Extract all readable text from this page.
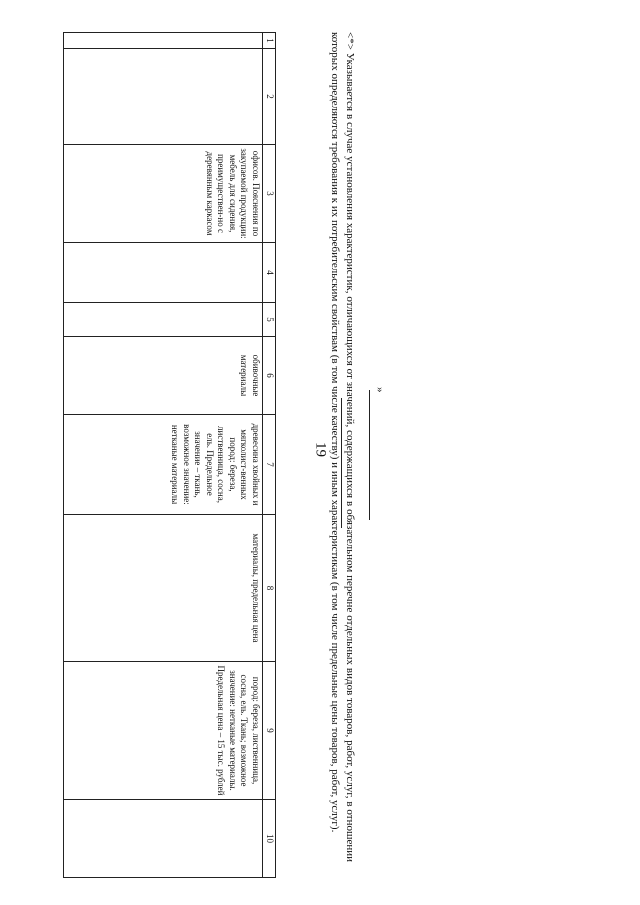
19
1	2	3	4	5	6	7	8	9	10
		офисов. Пояснения по закупаемой продукции: мебель для сидения, преимуществен-но с деревянным каркасом			обивочные материалы	древесина хвойных и мягколист-венных пород: береза, лиственница, сосна, ель. Предельное значение – ткань, возможное значение: нетканые материалы	материалы, предельная цена	пород: береза, лиственница, сосна, ель. Ткань; возможное значение: нетканые материалы. Предельная цена – 15 тыс. рублей		<*> Указывается в случае установления характеристик, отличающихся от значений, содержащихся в обязательном перечне отдельных видов товаров, работ, услуг, в отношении которых определяются требования к их потребительским свойствам (в том числе качеству) и иным характеристикам (в том числе предельные цены товаров, работ, услуг).	»
